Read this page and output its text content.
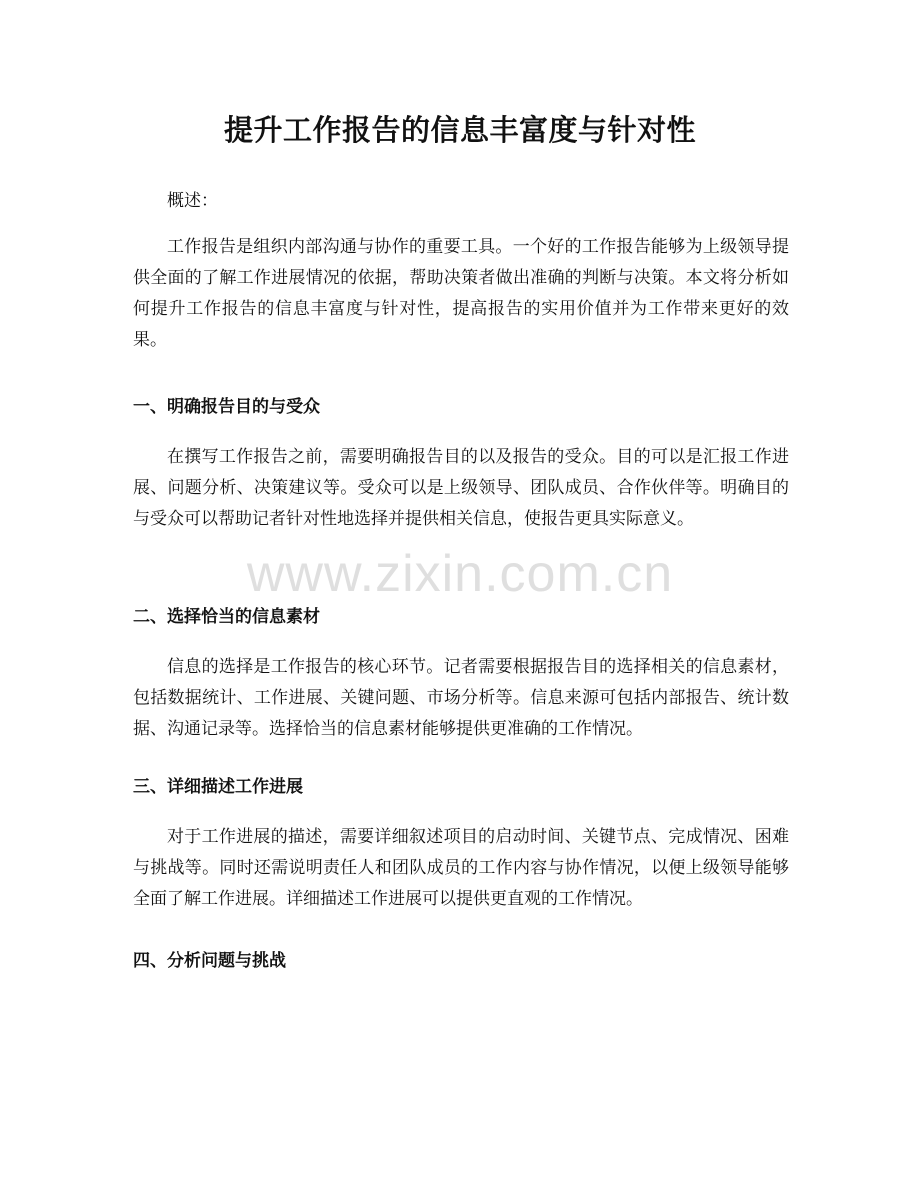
提升工作报告的信息丰富度与针对性
概述：
工作报告是组织内部沟通与协作的重要工具。一个好的工作报告能够为上级领导提供全面的了解工作进展情况的依据，帮助决策者做出准确的判断与决策。本文将分析如何提升工作报告的信息丰富度与针对性，提高报告的实用价值并为工作带来更好的效果。
一、明确报告目的与受众
在撰写工作报告之前，需要明确报告目的以及报告的受众。目的可以是汇报工作进展、问题分析、决策建议等。受众可以是上级领导、团队成员、合作伙伴等。明确目的与受众可以帮助记者针对性地选择并提供相关信息，使报告更具实际意义。
二、选择恰当的信息素材
信息的选择是工作报告的核心环节。记者需要根据报告目的选择相关的信息素材，包括数据统计、工作进展、关键问题、市场分析等。信息来源可包括内部报告、统计数据、沟通记录等。选择恰当的信息素材能够提供更准确的工作情况。
三、详细描述工作进展
对于工作进展的描述，需要详细叙述项目的启动时间、关键节点、完成情况、困难与挑战等。同时还需说明责任人和团队成员的工作内容与协作情况，以便上级领导能够全面了解工作进展。详细描述工作进展可以提供更直观的工作情况。
四、分析问题与挑战
www.zixin.com.cn
